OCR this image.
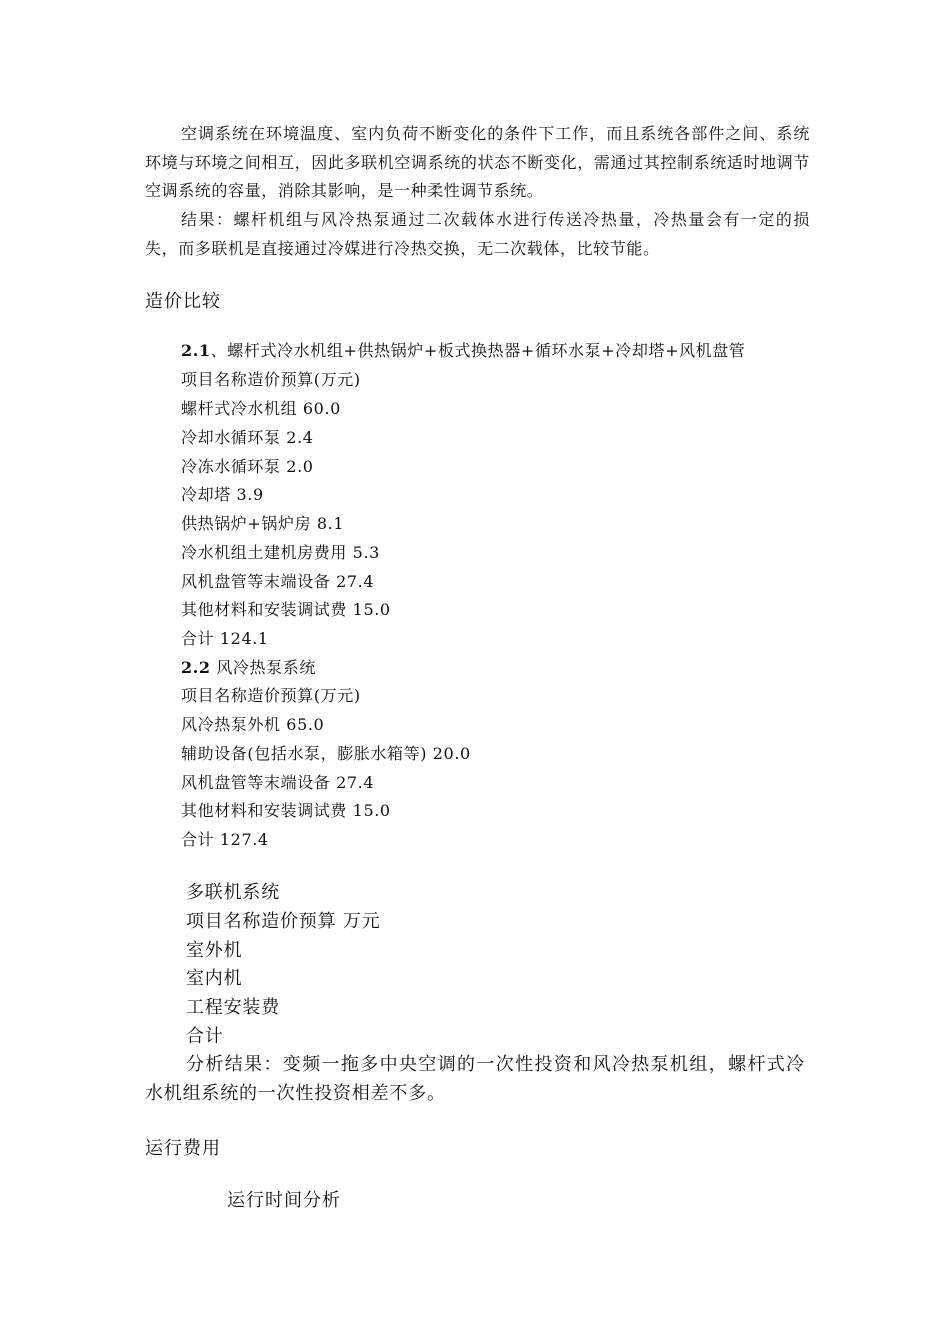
空调系统在环境温度、室内负荷不断变化的条件下工作，而且系统各部件之间、系统环境与环境之间相互，因此多联机空调系统的状态不断变化，需通过其控制系统适时地调节空调系统的容量，消除其影响，是一种柔性调节系统。

结果：螺杆机组与风冷热泵通过二次载体水进行传送冷热量，冷热量会有一定的损失，而多联机是直接通过冷媒进行冷热交换，无二次载体，比较节能。

造价比较
2.1、螺杆式冷水机组+供热锅炉+板式换热器+循环水泵+冷却塔+风机盘管
项目名称造价预算(万元)
螺杆式冷水机组 60.0
冷却水循环泵 2.4
冷冻水循环泵 2.0
冷却塔 3.9
供热锅炉+锅炉房 8.1
冷水机组土建机房费用 5.3
风机盘管等末端设备 27.4
其他材料和安装调试费 15.0
合计 124.1
2.2 风冷热泵系统
项目名称造价预算(万元)
风冷热泵外机 65.0
辅助设备(包括水泵，膨胀水箱等) 20.0
风机盘管等末端设备 27.4
其他材料和安装调试费 15.0
合计 127.4
多联机系统
项目名称造价预算 万元
室外机
室内机
工程安装费
合计

分析结果：变频一拖多中央空调的一次性投资和风冷热泵机组，螺杆式冷水机组系统的一次性投资相差不多。

运行费用
运行时间分析
